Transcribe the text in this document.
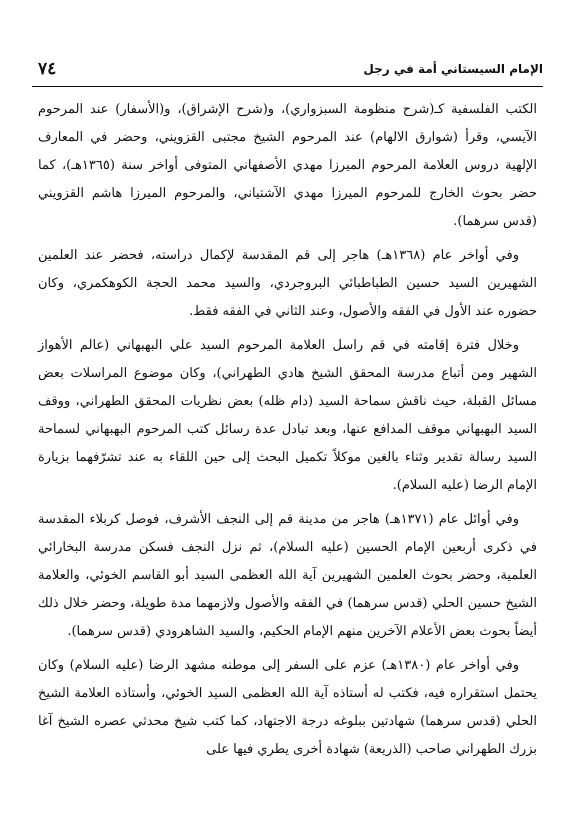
الإمام السيستاني أمة في رجل
٧٤

الكتب الفلسفية كـ(شرح منظومة السبزواري)، و(شرح الإشراق)، و(الأسفار) عند المرحوم الآيسي، وقرأ (شوارق الالهام) عند المرحوم الشيخ مجتبى القزويني، وحضر في المعارف الإلهية دروس العلامة المرحوم الميرزا مهدي الأصفهاني المتوفى أواخر سنة (١٣٦٥هـ)، كما حضر بحوث الخارج للمرحوم الميرزا مهدي الآشتياني، والمرحوم الميرزا هاشم القزويني (قدس سرهما).

وفي أواخر عام (١٣٦٨هـ) هاجر إلى قم المقدسة لإكمال دراسته، فحضر عند العلمين الشهيرين السيد حسين الطباطبائي البروجردي، والسيد محمد الحجة الكوهكمري، وكان حضوره عند الأول في الفقه والأصول، وعند الثاني في الفقه فقط.

وخلال فترة إقامته في قم راسل العلامة المرحوم السيد علي البهبهاني (عالم الأهواز الشهير ومن أتباع مدرسة المحقق الشيخ هادي الطهراني)، وكان موضوع المراسلات بعض مسائل القبلة، حيث ناقش سماحة السيد (دام ظله) بعض نظريات المحقق الطهراني، ووقف السيد البهبهاني موقف المدافع عنها، وبعد تبادل عدة رسائل كتب المرحوم البهبهاني لسماحة السيد رسالة تقدير وثناء بالغين موكلاً تكميل البحث إلى حين اللقاء به عند تشرّفهما بزيارة الإمام الرضا (عليه السلام).

وفي أوائل عام (١٣٧١هـ) هاجر من مدينة قم إلى النجف الأشرف، فوصل كربلاء المقدسة في ذكرى أربعين الإمام الحسين (عليه السلام)، ثم نزل النجف فسكن مدرسة البخارائي العلمية، وحضر بحوث العلمين الشهيرين آية الله العظمى السيد أبو القاسم الخوئي، والعلامة الشيخ حسين الحلي (قدس سرهما) في الفقه والأصول ولازمهما مدة طويلة، وحضر خلال ذلك أيضاً بحوث بعض الأعلام الآخرين منهم الإمام الحكيم، والسيد الشاهرودي (قدس سرهما).

وفي أواخر عام (١٣٨٠هـ) عزم على السفر إلى موطنه مشهد الرضا (عليه السلام) وكان يحتمل استقراره فيه، فكتب له أستاذه آية الله العظمى السيد الخوئي، وأستاذه العلامة الشيخ الحلي (قدس سرهما) شهادتين ببلوغه درجة الاجتهاد، كما كتب شيخ محدثي عصره الشيخ آغا بزرك الطهراني صاحب (الذريعة) شهادة أخرى يطري فيها على
